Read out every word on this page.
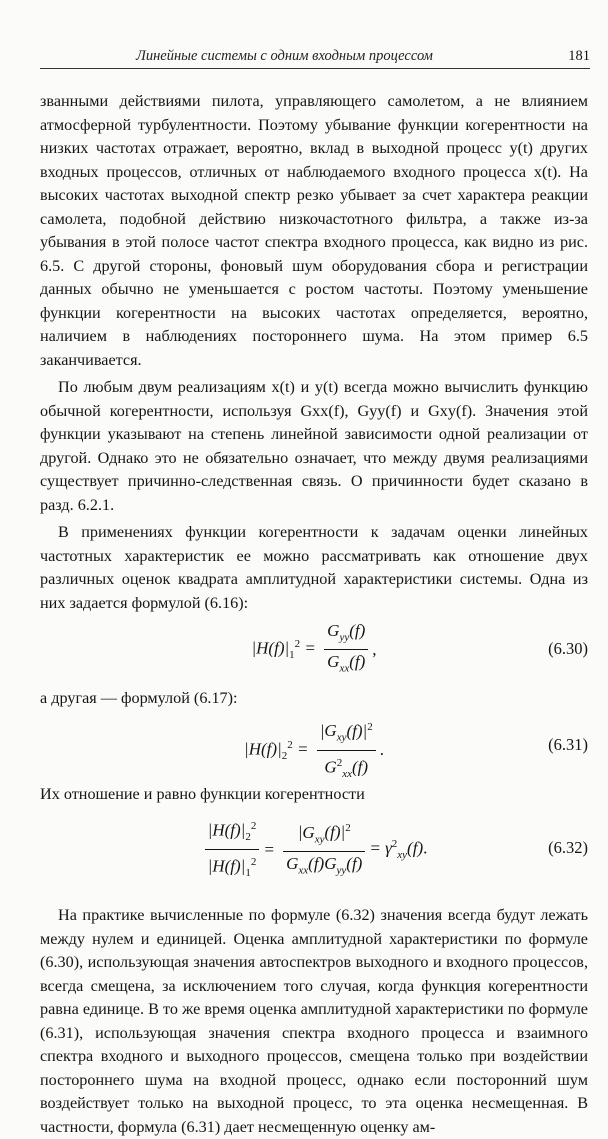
Линейные системы с одним входным процессом	181

званными действиями пилота, управляющего самолетом, а не влиянием атмосферной турбулентности. Поэтому убывание функции когерентности на низких частотах отражает, вероятно, вклад в выходной процесс y(t) других входных процессов, отличных от наблюдаемого входного процесса x(t). На высоких частотах выходной спектр резко убывает за счет характера реакции самолета, подобной действию низкочастотного фильтра, а также из-за убывания в этой полосе частот спектра входного процесса, как видно из рис. 6.5. С другой стороны, фоновый шум оборудования сбора и регистрации данных обычно не уменьшается с ростом частоты. Поэтому уменьшение функции когерентности на высоких частотах определяется, вероятно, наличием в наблюдениях постороннего шума. На этом пример 6.5 заканчивается.

По любым двум реализациям x(t) и y(t) всегда можно вычислить функцию обычной когерентности, используя Gxx(f), Gyy(f) и Gxy(f). Значения этой функции указывают на степень линейной зависимости одной реализации от другой. Однако это не обязательно означает, что между двумя реализациями существует причинно-следственная связь. О причинности будет сказано в разд. 6.2.1.

В применениях функции когерентности к задачам оценки линейных частотных характеристик ее можно рассматривать как отношение двух различных оценок квадрата амплитудной характеристики системы. Одна из них задается формулой (6.16):

$|H(f)|_1^2 = \frac{G_{yy}(f)}{G_{xx}(f)}$ ,	(6.30)

а другая — формулой (6.17):

$|H(f)|_2^2 = \frac{|G_{xy}(f)|^2}{G^2_{xx}(f)}$ .	(6.31)

Их отношение и равно функции когерентности

$\frac{|H(f)|_2^2}{|H(f)|_1^2} = \frac{|G_{xy}(f)|^2}{G_{xx}(f)G_{yy}(f)} = \gamma^2_{xy}(f)$.	(6.32)

На практике вычисленные по формуле (6.32) значения всегда будут лежать между нулем и единицей. Оценка амплитудной характеристики по формуле (6.30), использующая значения автоспектров выходного и входного процессов, всегда смещена, за исключением того случая, когда функция когерентности равна единице. В то же время оценка амплитудной характеристики по формуле (6.31), использующая значения спектра входного процесса и взаимного спектра входного и выходного процессов, смещена только при воздействии постороннего шума на входной процесс, однако если посторонний шум воздействует только на выходной процесс, то эта оценка несмещенная. В частности, формула (6.31) дает несмещенную оценку ам-
